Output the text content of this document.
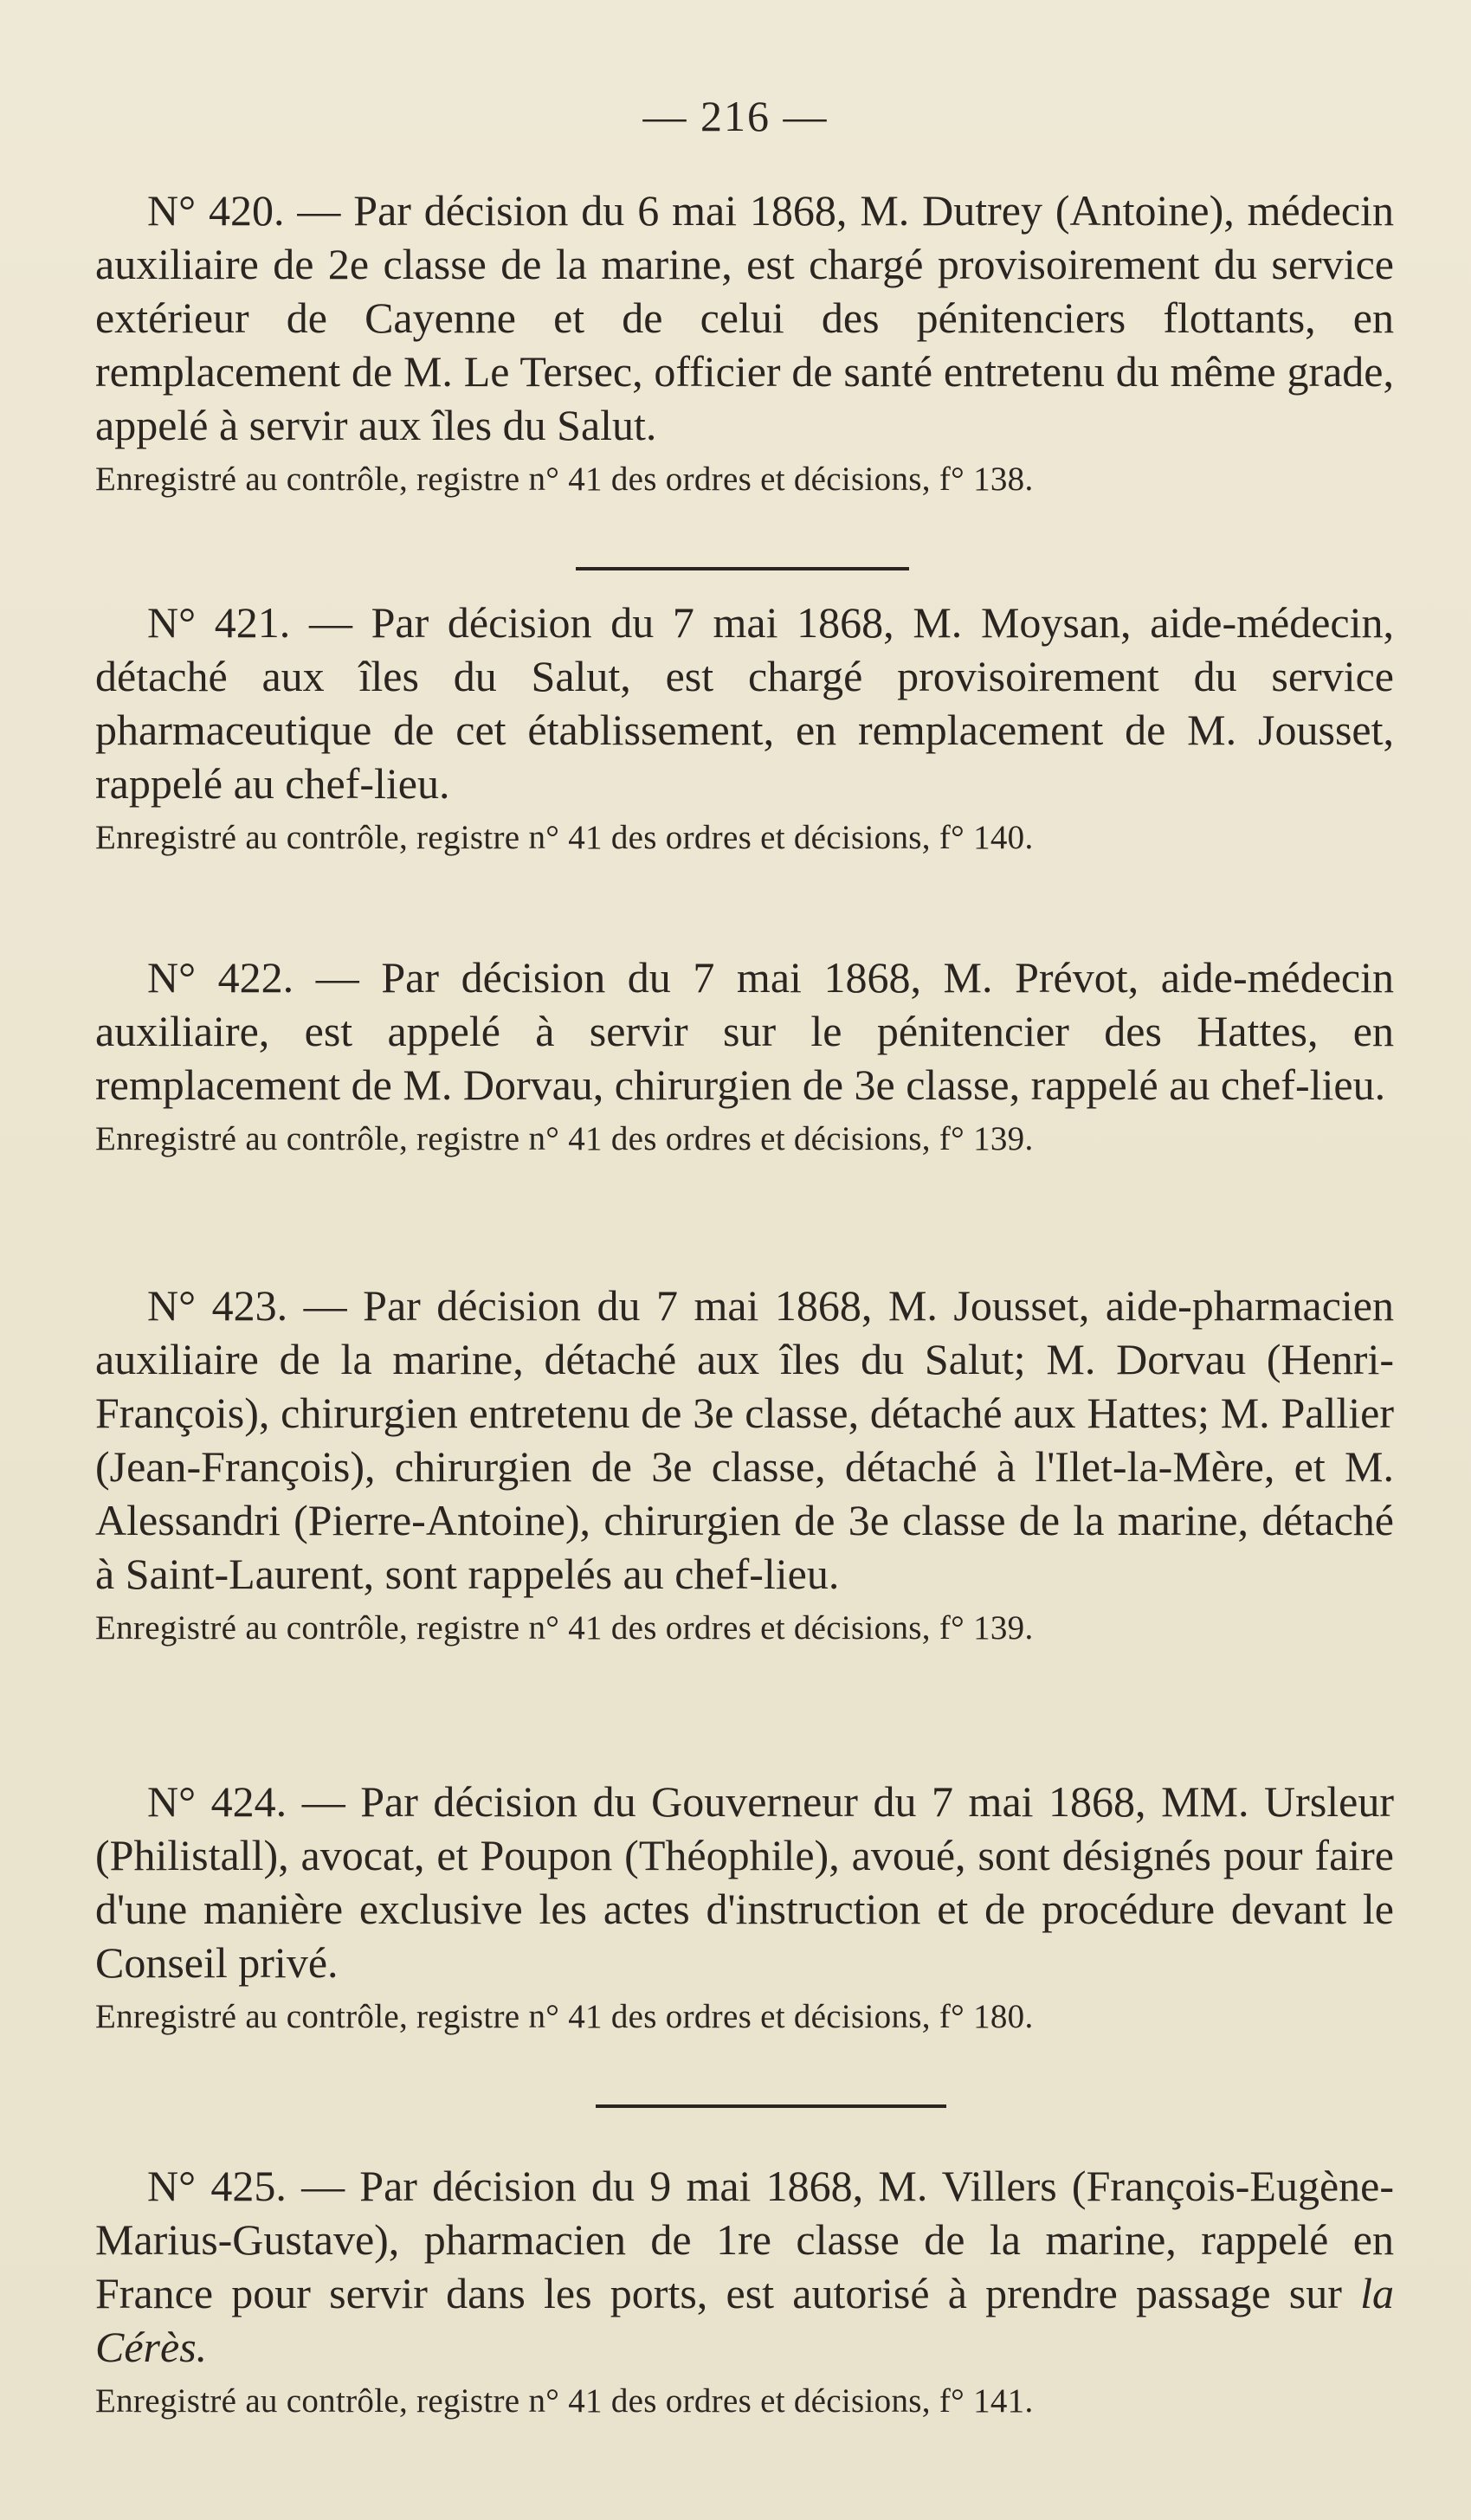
— 216 —

N° 420. — Par décision du 6 mai 1868, M. Dutrey (Antoine), médecin auxiliaire de 2e classe de la marine, est chargé provisoirement du service extérieur de Cayenne et de celui des pénitenciers flottants, en remplacement de M. Le Tersec, officier de santé entretenu du même grade, appelé à servir aux îles du Salut.

Enregistré au contrôle, registre n° 41 des ordres et décisions, f° 138.

N° 421. — Par décision du 7 mai 1868, M. Moysan, aide-médecin, détaché aux îles du Salut, est chargé provisoirement du service pharmaceutique de cet établissement, en remplacement de M. Jousset, rappelé au chef-lieu.

Enregistré au contrôle, registre n° 41 des ordres et décisions, f° 140.

N° 422. — Par décision du 7 mai 1868, M. Prévot, aide-médecin auxiliaire, est appelé à servir sur le pénitencier des Hattes, en remplacement de M. Dorvau, chirurgien de 3e classe, rappelé au chef-lieu.

Enregistré au contrôle, registre n° 41 des ordres et décisions, f° 139.

N° 423. — Par décision du 7 mai 1868, M. Jousset, aide-pharmacien auxiliaire de la marine, détaché aux îles du Salut; M. Dorvau (Henri-François), chirurgien entretenu de 3e classe, détaché aux Hattes; M. Pallier (Jean-François), chirurgien de 3e classe, détaché à l'Ilet-la-Mère, et M. Alessandri (Pierre-Antoine), chirurgien de 3e classe de la marine, détaché à Saint-Laurent, sont rappelés au chef-lieu.

Enregistré au contrôle, registre n° 41 des ordres et décisions, f° 139.

N° 424. — Par décision du Gouverneur du 7 mai 1868, MM. Ursleur (Philistall), avocat, et Poupon (Théophile), avoué, sont désignés pour faire d'une manière exclusive les actes d'instruction et de procédure devant le Conseil privé.

Enregistré au contrôle, registre n° 41 des ordres et décisions, f° 180.

N° 425. — Par décision du 9 mai 1868, M. Villers (François-Eugène-Marius-Gustave), pharmacien de 1re classe de la marine, rappelé en France pour servir dans les ports, est autorisé à prendre passage sur la Cérès.

Enregistré au contrôle, registre n° 41 des ordres et décisions, f° 141.
